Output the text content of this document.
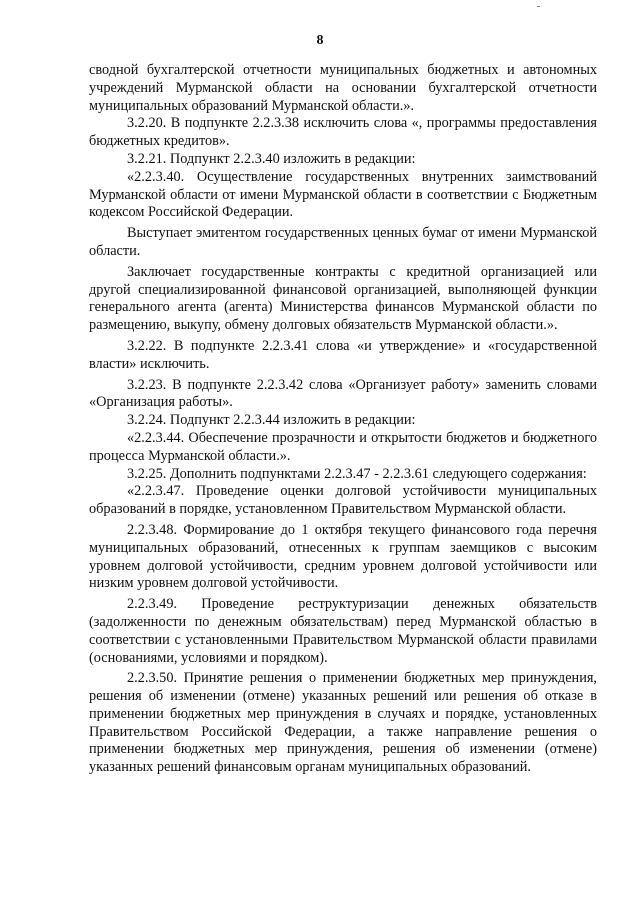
8

сводной бухгалтерской отчетности муниципальных бюджетных и автономных учреждений Мурманской области на основании бухгалтерской отчетности муниципальных образований Мурманской области.».

3.2.20. В подпункте 2.2.3.38 исключить слова «, программы предоставления бюджетных кредитов».

3.2.21. Подпункт 2.2.3.40 изложить в редакции:

«2.2.3.40. Осуществление государственных внутренних заимствований Мурманской области от имени Мурманской области в соответствии с Бюджетным кодексом Российской Федерации.

Выступает эмитентом государственных ценных бумаг от имени Мурманской области.

Заключает государственные контракты с кредитной организацией или другой специализированной финансовой организацией, выполняющей функции генерального агента (агента) Министерства финансов Мурманской области по размещению, выкупу, обмену долговых обязательств Мурманской области.».

3.2.22. В подпункте 2.2.3.41 слова «и утверждение» и «государственной власти» исключить.

3.2.23. В подпункте 2.2.3.42 слова «Организует работу» заменить словами «Организация работы».

3.2.24. Подпункт 2.2.3.44 изложить в редакции:

«2.2.3.44. Обеспечение прозрачности и открытости бюджетов и бюджетного процесса Мурманской области.».

3.2.25. Дополнить подпунктами 2.2.3.47 - 2.2.3.61 следующего содержания:

«2.2.3.47. Проведение оценки долговой устойчивости муниципальных образований в порядке, установленном Правительством Мурманской области.

2.2.3.48. Формирование до 1 октября текущего финансового года перечня муниципальных образований, отнесенных к группам заемщиков с высоким уровнем долговой устойчивости, средним уровнем долговой устойчивости или низким уровнем долговой устойчивости.

2.2.3.49. Проведение реструктуризации денежных обязательств (задолженности по денежным обязательствам) перед Мурманской областью в соответствии с установленными Правительством Мурманской области правилами (основаниями, условиями и порядком).

2.2.3.50. Принятие решения о применении бюджетных мер принуждения, решения об изменении (отмене) указанных решений или решения об отказе в применении бюджетных мер принуждения в случаях и порядке, установленных Правительством Российской Федерации, а также направление решения о применении бюджетных мер принуждения, решения об изменении (отмене) указанных решений финансовым органам муниципальных образований.
